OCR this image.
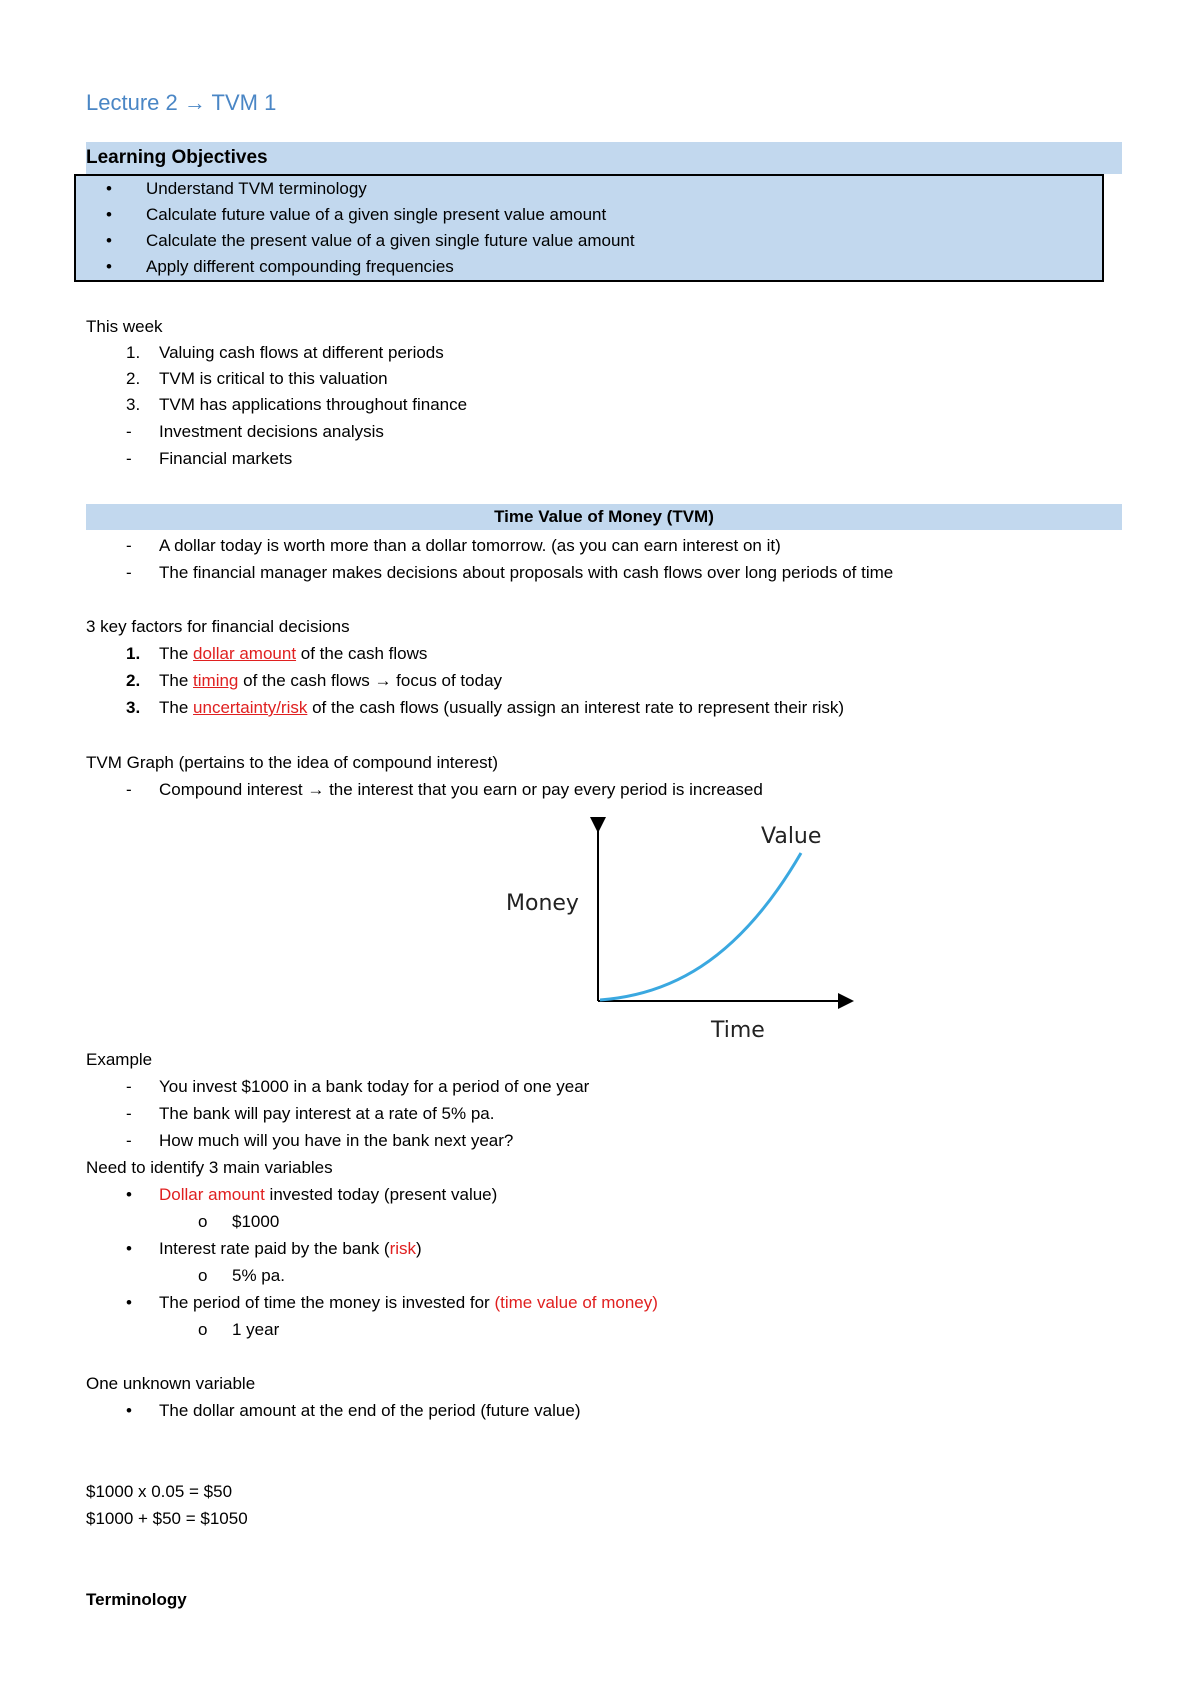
Lecture 2 → TVM 1
Learning Objectives
• Understand TVM terminology
• Calculate future value of a given single present value amount
• Calculate the present value of a given single future value amount
• Apply different compounding frequencies
This week
1. Valuing cash flows at different periods
2. TVM is critical to this valuation
3. TVM has applications throughout finance
- Investment decisions analysis
- Financial markets
Time Value of Money (TVM)
- A dollar today is worth more than a dollar tomorrow. (as you can earn interest on it)
- The financial manager makes decisions about proposals with cash flows over long periods of time
3 key factors for financial decisions
1. The dollar amount of the cash flows
2. The timing of the cash flows → focus of today
3. The uncertainty/risk of the cash flows (usually assign an interest rate to represent their risk)
TVM Graph (pertains to the idea of compound interest)
- Compound interest → the interest that you earn or pay every period is increased
Money
Time
Value
Example
- You invest $1000 in a bank today for a period of one year
- The bank will pay interest at a rate of 5% pa.
- How much will you have in the bank next year?
Need to identify 3 main variables
• Dollar amount invested today (present value)
o $1000
• Interest rate paid by the bank (risk)
o 5% pa.
• The period of time the money is invested for (time value of money)
o 1 year
One unknown variable
• The dollar amount at the end of the period (future value)
$1000 x 0.05 = $50
$1000 + $50 = $1050
Terminology
